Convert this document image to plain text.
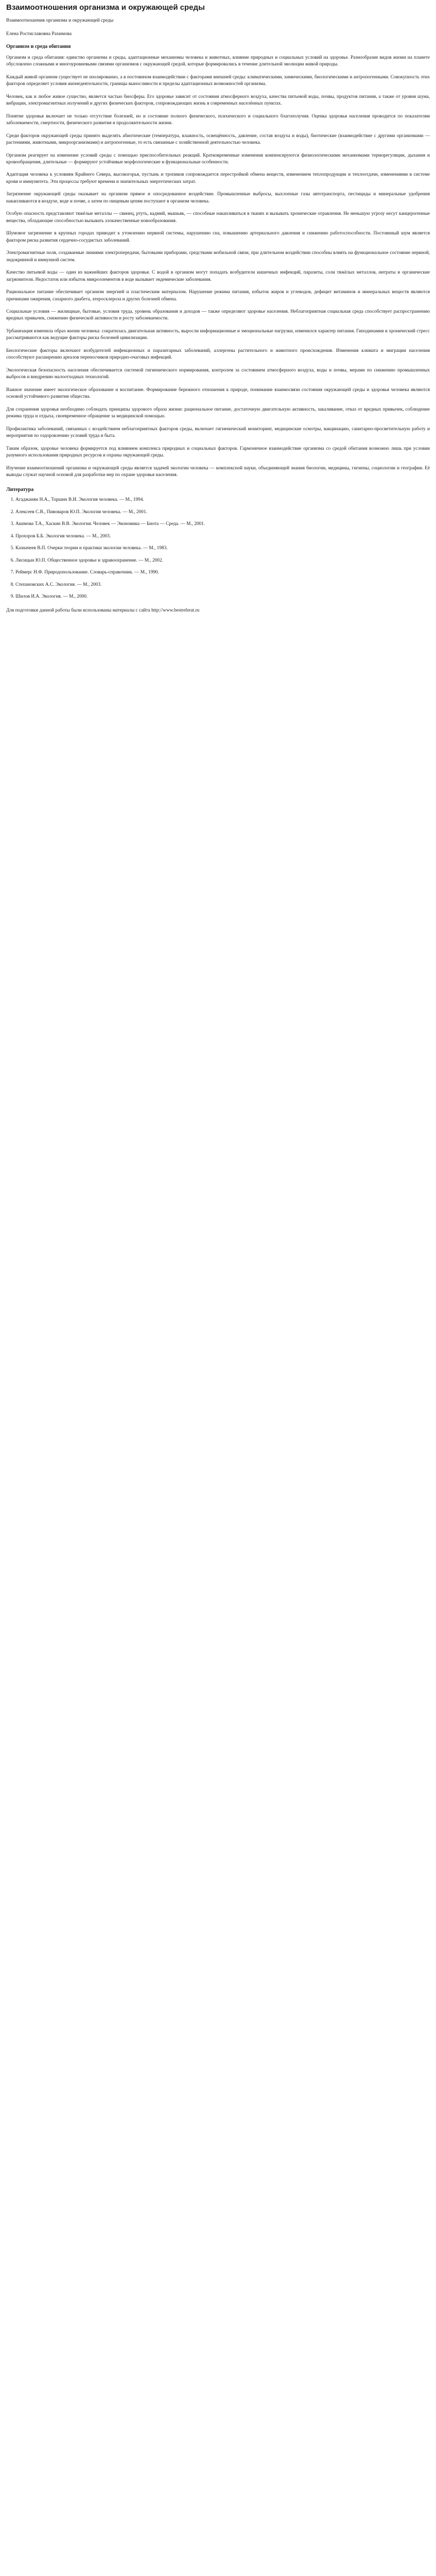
Взаимоотношения организма и окружающей среды
Взаимоотношения организма и окружающей среды
Елена Ростиславовна Рахимова
Организм и среда обитания

Организм и среда обитания: единство организма и среды, адаптационные механизмы человека и животных, влияние природных и социальных условий на здоровье. Разнообразие видов жизни на планете обусловлено сложными и многоуровневыми связями организмов с окружающей средой, которые формировались в течение длительной эволюции живой природы.

Каждый живой организм существует не изолированно, а в постоянном взаимодействии с факторами внешней среды: климатическими, химическими, биологическими и антропогенными. Совокупность этих факторов определяет условия жизнедеятельности, границы выносливости и пределы адаптационных возможностей организма.

Человек, как и любое живое существо, является частью биосферы. Его здоровье зависит от состояния атмосферного воздуха, качества питьевой воды, почвы, продуктов питания, а также от уровня шума, вибрации, электромагнитных излучений и других физических факторов, сопровождающих жизнь в современных населённых пунктах.

Понятие здоровья включает не только отсутствие болезней, но и состояние полного физического, психического и социального благополучия. Оценка здоровья населения проводится по показателям заболеваемости, смертности, физического развития и продолжительности жизни.

Среди факторов окружающей среды принято выделять абиотические (температура, влажность, освещённость, давление, состав воздуха и воды), биотические (взаимодействие с другими организмами — растениями, животными, микроорганизмами) и антропогенные, то есть связанные с хозяйственной деятельностью человека.

Организм реагирует на изменение условий среды с помощью приспособительных реакций. Кратковременные изменения компенсируются физиологическими механизмами терморегуляции, дыхания и кровообращения, длительные — формируют устойчивые морфологические и функциональные особенности.

Адаптация человека к условиям Крайнего Севера, высокогорья, пустынь и тропиков сопровождается перестройкой обмена веществ, изменением теплопродукции и теплоотдачи, изменениями в системе крови и иммунитета. Эти процессы требуют времени и значительных энергетических затрат.

Загрязнение окружающей среды оказывает на организм прямое и опосредованное воздействие. Промышленные выбросы, выхлопные газы автотранспорта, пестициды и минеральные удобрения накапливаются в воздухе, воде и почве, а затем по пищевым цепям поступают в организм человека.

Особую опасность представляют тяжёлые металлы — свинец, ртуть, кадмий, мышьяк, — способные накапливаться в тканях и вызывать хронические отравления. Не меньшую угрозу несут канцерогенные вещества, обладающие способностью вызывать злокачественные новообразования.

Шумовое загрязнение в крупных городах приводит к утомлению нервной системы, нарушению сна, повышению артериального давления и снижению работоспособности. Постоянный шум является фактором риска развития сердечно-сосудистых заболеваний.

Электромагнитные поля, создаваемые линиями электропередачи, бытовыми приборами, средствами мобильной связи, при длительном воздействии способны влиять на функциональное состояние нервной, эндокринной и иммунной систем.

Качество питьевой воды — один из важнейших факторов здоровья. С водой в организм могут попадать возбудители кишечных инфекций, паразиты, соли тяжёлых металлов, нитраты и органические загрязнители. Недостаток или избыток микроэлементов в воде вызывает эндемические заболевания.

Рациональное питание обеспечивает организм энергией и пластическим материалом. Нарушение режима питания, избыток жиров и углеводов, дефицит витаминов и минеральных веществ являются причинами ожирения, сахарного диабета, атеросклероза и других болезней обмена.

Социальные условия — жилищные, бытовые, условия труда, уровень образования и доходов — также определяют здоровье населения. Неблагоприятная социальная среда способствует распространению вредных привычек, снижению физической активности и росту заболеваемости.

Урбанизация изменила образ жизни человека: сократилась двигательная активность, выросли информационные и эмоциональные нагрузки, изменился характер питания. Гиподинамия и хронический стресс рассматриваются как ведущие факторы риска болезней цивилизации.

Биологические факторы включают возбудителей инфекционных и паразитарных заболеваний, аллергены растительного и животного происхождения. Изменения климата и миграции населения способствуют расширению ареалов переносчиков природно-очаговых инфекций.

Экологическая безопасность населения обеспечивается системой гигиенического нормирования, контролем за состоянием атмосферного воздуха, воды и почвы, мерами по снижению промышленных выбросов и внедрению малоотходных технологий.

Важное значение имеет экологическое образование и воспитание. Формирование бережного отношения к природе, понимание взаимосвязи состояния окружающей среды и здоровья человека являются основой устойчивого развития общества.

Для сохранения здоровья необходимо соблюдать принципы здорового образа жизни: рациональное питание, достаточную двигательную активность, закаливание, отказ от вредных привычек, соблюдение режима труда и отдыха, своевременное обращение за медицинской помощью.

Профилактика заболеваний, связанных с воздействием неблагоприятных факторов среды, включает гигиенический мониторинг, медицинские осмотры, вакцинацию, санитарно-просветительную работу и мероприятия по оздоровлению условий труда и быта.

Таким образом, здоровье человека формируется под влиянием комплекса природных и социальных факторов. Гармоничное взаимодействие организма со средой обитания возможно лишь при условии разумного использования природных ресурсов и охраны окружающей среды.

Изучение взаимоотношений организма и окружающей среды является задачей экологии человека — комплексной науки, объединяющей знания биологии, медицины, гигиены, социологии и географии. Её выводы служат научной основой для разработки мер по охране здоровья населения.

Литература
1. Агаджанян Н.А., Торшин В.И. Экология человека. — М., 1994.
2. Алексеев С.В., Пивоваров Ю.П. Экология человека. — М., 2001.
3. Акимова Т.А., Хаскин В.В. Экология. Человек — Экономика — Биота — Среда. — М., 2001.
4. Прохоров Б.Б. Экология человека. — М., 2003.
5. Казначеев В.П. Очерки теории и практики экологии человека. — М., 1983.
6. Лисицын Ю.П. Общественное здоровье и здравоохранение. — М., 2002.
7. Реймерс Н.Ф. Природопользование. Словарь-справочник. — М., 1990.
8. Степановских А.С. Экология. — М., 2003.
9. Шилов И.А. Экология. — М., 2000.
Для подготовки данной работы были использованы материалы с сайта http://www.bestreferat.ru
